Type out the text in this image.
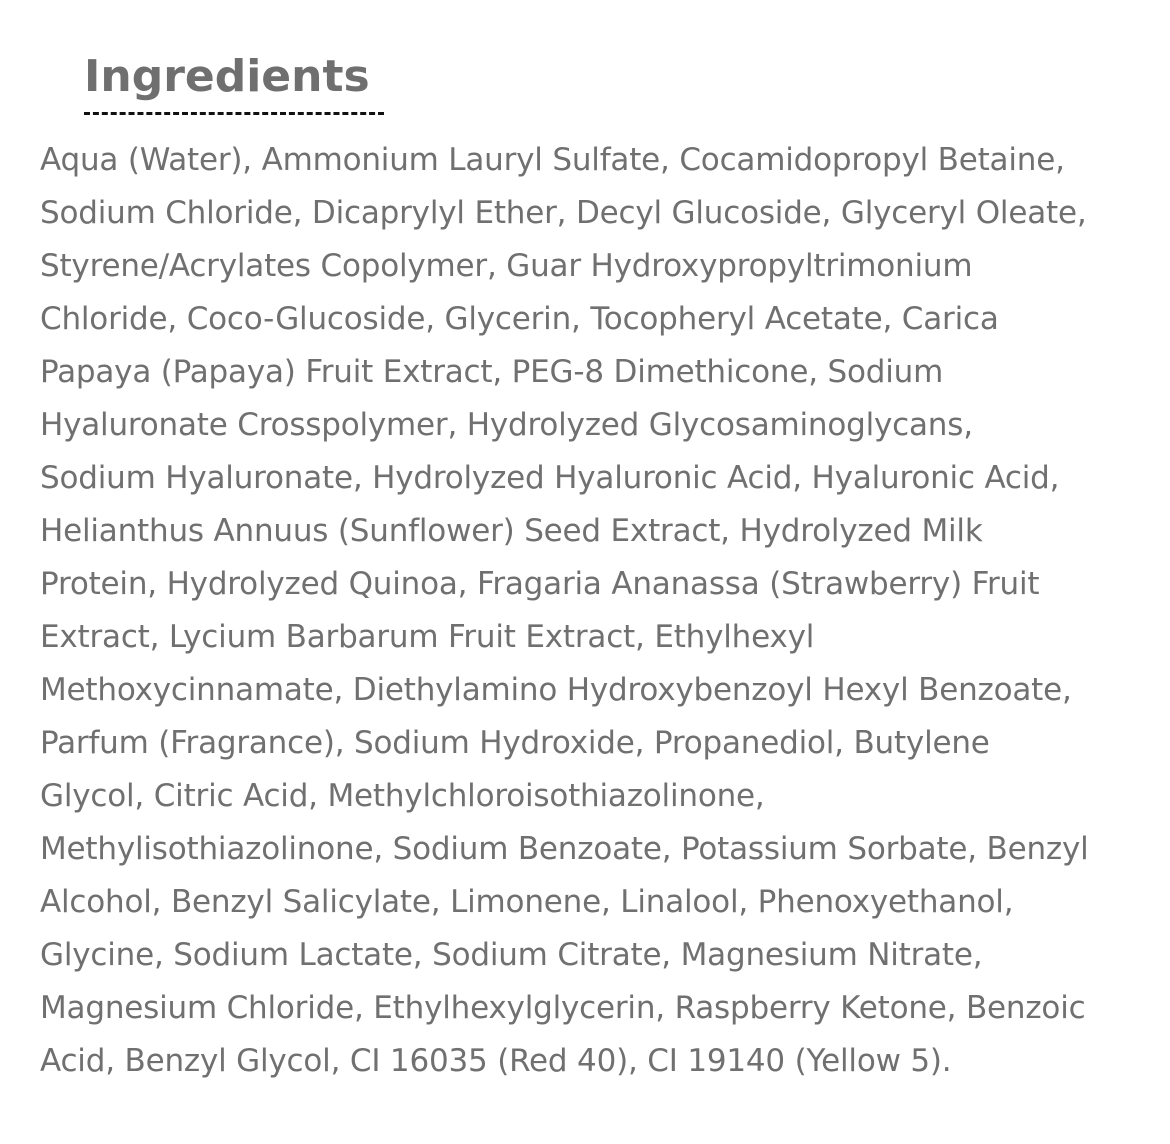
Ingredients
Aqua (Water), Ammonium Lauryl Sulfate, Cocamidopropyl Betaine,
Sodium Chloride, Dicaprylyl Ether, Decyl Glucoside, Glyceryl Oleate,
Styrene/Acrylates Copolymer, Guar Hydroxypropyltrimonium
Chloride, Coco-Glucoside, Glycerin, Tocopheryl Acetate, Carica
Papaya (Papaya) Fruit Extract, PEG-8 Dimethicone, Sodium
Hyaluronate Crosspolymer, Hydrolyzed Glycosaminoglycans,
Sodium Hyaluronate, Hydrolyzed Hyaluronic Acid, Hyaluronic Acid,
Helianthus Annuus (Sunflower) Seed Extract, Hydrolyzed Milk
Protein, Hydrolyzed Quinoa, Fragaria Ananassa (Strawberry) Fruit
Extract, Lycium Barbarum Fruit Extract, Ethylhexyl
Methoxycinnamate, Diethylamino Hydroxybenzoyl Hexyl Benzoate,
Parfum (Fragrance), Sodium Hydroxide, Propanediol, Butylene
Glycol, Citric Acid, Methylchloroisothiazolinone,
Methylisothiazolinone, Sodium Benzoate, Potassium Sorbate, Benzyl
Alcohol, Benzyl Salicylate, Limonene, Linalool, Phenoxyethanol,
Glycine, Sodium Lactate, Sodium Citrate, Magnesium Nitrate,
Magnesium Chloride, Ethylhexylglycerin, Raspberry Ketone, Benzoic
Acid, Benzyl Glycol, CI 16035 (Red 40), CI 19140 (Yellow 5).
